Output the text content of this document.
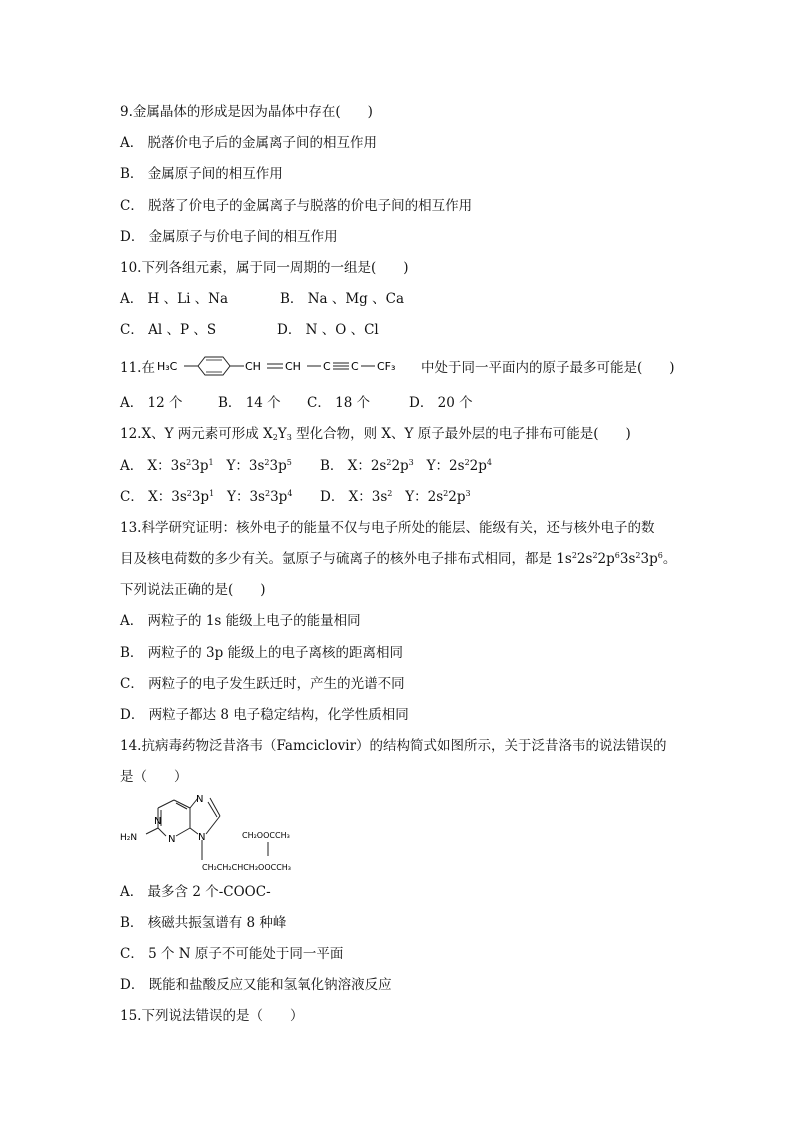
9.金属晶体的形成是因为晶体中存在(　　)
A． 脱落价电子后的金属离子间的相互作用
B． 金属原子间的相互作用
C． 脱落了价电子的金属离子与脱落的价电子间的相互作用
D． 金属原子与价电子间的相互作用
10.下列各组元素，属于同一周期的一组是(　　)
A． H 、Li 、Na	B． Na 、Mg 、Ca
C． Al 、P 、S	D． N 、O 、Cl
11.在 H₃C	CH CH C C CF₃ 中处于同一平面内的原子最多可能是(　　)
A． 12 个	B． 14 个 C． 18 个	D． 20 个
12.X、Y 两元素可形成 $X_2Y_3$ 型化合物，则 X、Y 原子最外层的电子排布可能是(　　)
A． X：$3s^23p^1$   Y：$3s^23p^5$ B． X：$2s^22p^3$   Y：$2s^22p^4$
C． X：$3s^23p^1$   Y：$3s^23p^4$ D． X：$3s^2$   Y：$2s^22p^3$
13.科学研究证明：核外电子的能量不仅与电子所处的能层、能级有关，还与核外电子的数
目及核电荷数的多少有关。氩原子与硫离子的核外电子排布式相同，都是 $1s^22s^22p^63s^23p^6$。
下列说法正确的是(　　)
A． 两粒子的 1s 能级上电子的能量相同
B． 两粒子的 3p 能级上的电子离核的距离相同
C． 两粒子的电子发生跃迁时，产生的光谱不同
D． 两粒子都达 8 电子稳定结构，化学性质相同
14.抗病毒药物泛昔洛韦（Famciclovir）的结构简式如图所示，关于泛昔洛韦的说法错误的
是（　　）
N
N
N N
H₂N	CH₂OOCCH₃
CH₂CH₂CHCH₂OOCCH₃
A． 最多含 2 个-COOC-
B． 核磁共振氢谱有 8 种峰
C． 5 个 N 原子不可能处于同一平面
D． 既能和盐酸反应又能和氢氧化钠溶液反应
15.下列说法错误的是（　　）
